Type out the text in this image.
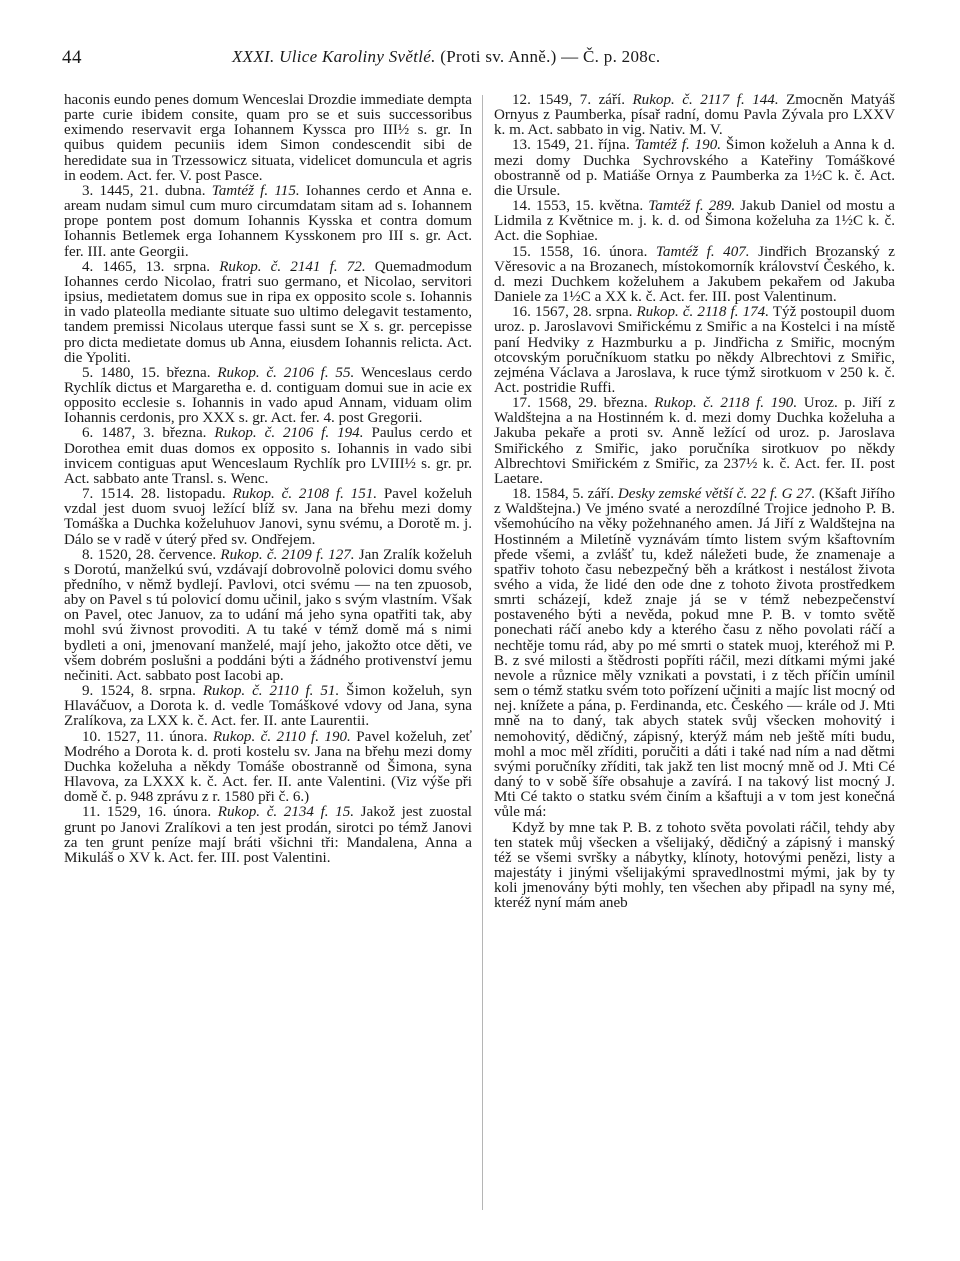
44	XXXI. Ulice Karoliny Světlé. (Proti sv. Anně.) — Č. p. 208c.

haconis eundo penes domum Wenceslai Drozdie immediate dempta parte curie ibidem consite, quam pro se et suis successoribus eximendo reservavit erga Iohannem Kyssca pro III½ s. gr. In quibus quidem pecuniis idem Simon condescendit sibi de heredidate sua in Trzessowicz situata, videlicet domuncula et agris in eodem. Act. fer. V. post Pasce.

3. 1445, 21. dubna. Tamtéž f. 115. Iohannes cerdo et Anna e. aream nudam simul cum muro circumdatam sitam ad s. Iohannem prope pontem post domum Iohannis Kysska et contra domum Iohannis Betlemek erga Iohannem Kysskonem pro III s. gr. Act. fer. III. ante Georgii.

4. 1465, 13. srpna. Rukop. č. 2141 f. 72. Quemadmodum Iohannes cerdo Nicolao, fratri suo germano, et Nicolao, servitori ipsius, medietatem domus sue in ripa ex opposito scole s. Iohannis in vado plateolla mediante situate suo ultimo delegavit testamento, tandem premissi Nicolaus uterque fassi sunt se X s. gr. percepisse pro dicta medietate domus ub Anna, eiusdem Iohannis relicta. Act. die Ypoliti.

5. 1480, 15. března. Rukop. č. 2106 f. 55. Wenceslaus cerdo Rychlík dictus et Margaretha e. d. contiguam domui sue in acie ex opposito ecclesie s. Iohannis in vado apud Annam, viduam olim Iohannis cerdonis, pro XXX s. gr. Act. fer. 4. post Gregorii.

6. 1487, 3. března. Rukop. č. 2106 f. 194. Paulus cerdo et Dorothea emit duas domos ex opposito s. Iohannis in vado sibi invicem contiguas aput Wenceslaum Rychlík pro LVIII½ s. gr. pr. Act. sabbato ante Transl. s. Wenc.

7. 1514. 28. listopadu. Rukop. č. 2108 f. 151. Pavel koželuh vzdal jest duom svuoj ležící blíž sv. Jana na břehu mezi domy Tomáška a Duchka koželuhuov Janovi, synu svému, a Dorotě m. j. Dálo se v radě v úterý před sv. Ondřejem.

8. 1520, 28. července. Rukop. č. 2109 f. 127. Jan Zralík koželuh s Dorotú, manželkú svú, vzdávají dobrovolně polovici domu svého předního, v němž bydlejí. Pavlovi, otci svému — na ten zpuosob, aby on Pavel s tú polovicí domu učinil, jako s svým vlastním. Však on Pavel, otec Januov, za to udání má jeho syna opatřiti tak, aby mohl svú živnost provoditi. A tu také v témž domě má s nimi bydleti a oni, jmenovaní manželé, mají jeho, jakožto otce děti, ve všem dobrém poslušni a poddáni býti a žádného protivenství jemu nečiniti. Act. sabbato post Iacobi ap.

9. 1524, 8. srpna. Rukop. č. 2110 f. 51. Šimon koželuh, syn Hlaváčuov, a Dorota k. d. vedle Tomáškové vdovy od Jana, syna Zralíkova, za LXX k. č. Act. fer. II. ante Laurentii.

10. 1527, 11. února. Rukop. č. 2110 f. 190. Pavel koželuh, zeť Modrého a Dorota k. d. proti kostelu sv. Jana na břehu mezi domy Duchka koželuha a někdy Tomáše obostranně od Šimona, syna Hlavova, za LXXX k. č. Act. fer. II. ante Valentini. (Viz výše při domě č. p. 948 zprávu z r. 1580 při č. 6.)

11. 1529, 16. února. Rukop. č. 2134 f. 15. Jakož jest zuostal grunt po Janovi Zralíkovi a ten jest prodán, sirotci po témž Janovi za ten grunt peníze mají bráti všichni tři: Mandalena, Anna a Mikuláš o XV k. Act. fer. III. post Valentini.

12. 1549, 7. září. Rukop. č. 2117 f. 144. Zmocněn Matyáš Ornyus z Paumberka, písař radní, domu Pavla Zývala pro LXXV k. m. Act. sabbato in vig. Nativ. M. V.

13. 1549, 21. října. Tamtéž f. 190. Šimon koželuh a Anna k d. mezi domy Duchka Sychrovského a Kateřiny Tomáškové obostranně od p. Matiáše Ornya z Paumberka za 1½C k. č. Act. die Ursule.

14. 1553, 15. května. Tamtéž f. 289. Jakub Daniel od mostu a Lidmila z Květnice m. j. k. d. od Šimona koželuha za 1½C k. č. Act. die Sophiae.

15. 1558, 16. února. Tamtéž f. 407. Jindřich Brozanský z Věresovic a na Brozanech, místokomorník království Českého, k. d. mezi Duchkem koželuhem a Jakubem pekařem od Jakuba Daniele za 1½C a XX k. č. Act. fer. III. post Valentinum.

16. 1567, 28. srpna. Rukop. č. 2118 f. 174. Týž postoupil duom uroz. p. Jaroslavovi Smiřickému z Smiřic a na Kostelci i na místě paní Hedviky z Hazmburku a p. Jindřicha z Smiřic, mocným otcovským poručníkuom statku po někdy Albrechtovi z Smiřic, zejména Václava a Jaroslava, k ruce týmž sirotkuom v 250 k. č. Act. postridie Ruffi.

17. 1568, 29. března. Rukop. č. 2118 f. 190. Uroz. p. Jiří z Waldštejna a na Hostinném k. d. mezi domy Duchka koželuha a Jakuba pekaře a proti sv. Anně ležící od uroz. p. Jaroslava Smiřického z Smiřic, jako poručníka sirotkuov po někdy Albrechtovi Smiřickém z Smiřic, za 237½ k. č. Act. fer. II. post Laetare.

18. 1584, 5. září. Desky zemské větší č. 22 f. G 27. (Kšaft Jiřího z Waldštejna.) Ve jméno svaté a nerozdílné Trojice jednoho P. B. všemohúcího na věky požehnaného amen. Já Jiří z Waldštejna na Hostinném a Miletíně vyznávám tímto listem svým kšaftovním přede všemi, a zvlášť tu, kdež náležeti bude, že znamenaje a spatřiv tohoto času nebezpečný běh a krátkost i nestálost života svého a vida, že lidé den ode dne z tohoto života prostředkem smrti scházejí, kdež znaje já se v témž nebezpečenství postaveného býti a nevěda, pokud mne P. B. v tomto světě ponechati ráčí anebo kdy a kterého času z něho povolati ráčí a nechtěje tomu rád, aby po mé smrti o statek muoj, kteréhož mi P. B. z své milosti a štědrosti popříti ráčil, mezi dítkami mými jaké nevole a různice měly vznikati a povstati, i z těch příčin umínil sem o témž statku svém toto pořízení učiniti a majíc list mocný od nej. knížete a pána, p. Ferdinanda, etc. Českého — krále od J. Mti mně na to daný, tak abych statek svůj všecken mohovitý i nemohovitý, dědičný, zápisný, kterýž mám neb ještě míti budu, mohl a moc měl zříditi, poručiti a dáti i také nad ním a nad dětmi svými poručníky zříditi, tak jakž ten list mocný mně od J. Mti Cé daný to v sobě šíře obsahuje a zavírá. I na takový list mocný J. Mti Cé takto o statku svém činím a kšaftuji a v tom jest konečná vůle má:

Když by mne tak P. B. z tohoto světa povolati ráčil, tehdy aby ten statek můj všecken a všelijaký, dědičný a zápisný i manský též se všemi svršky a nábytky, klínoty, hotovými penězi, listy a majestáty i jinými všelijakými spravedlnostmi mými, jak by ty koli jmenovány býti mohly, ten všechen aby připadl na syny mé, kteréž nyní mám aneb
